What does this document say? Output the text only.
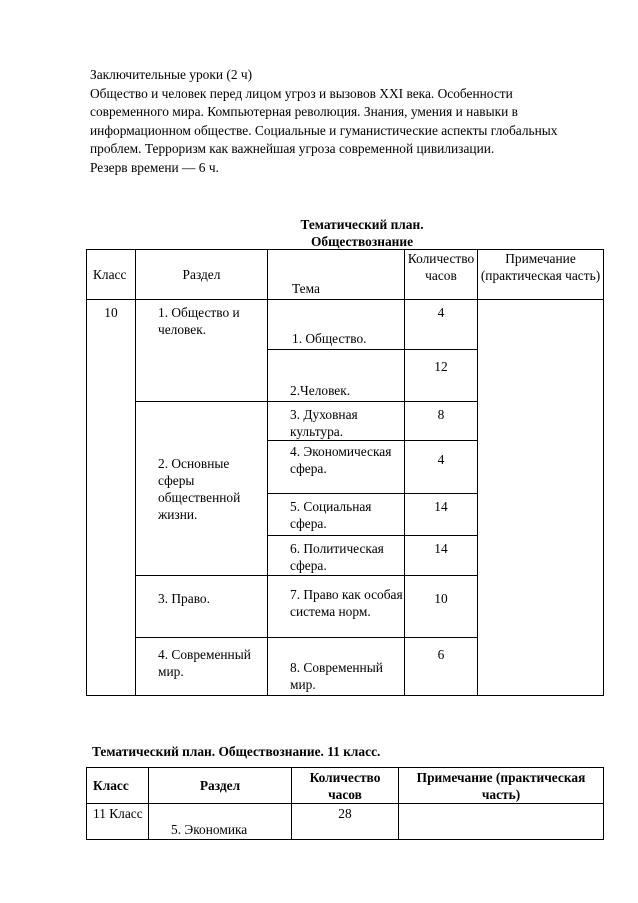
Заключительные уроки (2 ч)

Общество и человек перед лицом угроз и вызовов XXI века. Особенности современного мира. Компьютерная революция. Знания, умения и навыки в информационном обществе. Социальные и гуманистические аспекты глобальных проблем. Терроризм как важнейшая угроза современной цивилизации.

Резерв времени — 6 ч.

Тематический план.
Обществознание
Класс	Раздел	Тема	Количество часов	Примечание (практическая часть)
10	1. Общество и человек.	1. Общество.	4	
		2.Человек.	12	
	2. Основные сферы общественной жизни.	3. Духовная культура.	8	
		4. Экономическая сфера.	4	
		5. Социальная сфера.	14	
		6. Политическая сфера.	14	
	3. Право.	7. Право как особая система норм.	10	
	4. Современный мир.	8. Современный мир.	6	
Тематический план. Обществознание. 11 класс.
Класс	Раздел	Количество часов	Примечание (практическая часть)
11 Класс	5. Экономика	28	
